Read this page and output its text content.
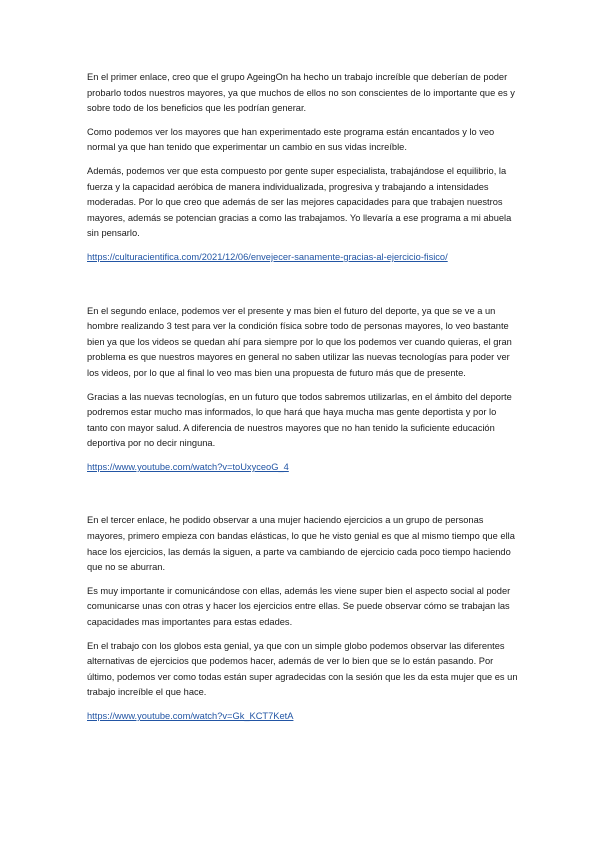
En el primer enlace, creo que el grupo AgeingOn ha hecho un trabajo increíble que deberían de poder probarlo todos nuestros mayores, ya que muchos de ellos no son conscientes de lo importante que es y sobre todo de los beneficios que les podrían generar.

Como podemos ver los mayores que han experimentado este programa están encantados y lo veo normal ya que han tenido que experimentar un cambio en sus vidas increíble.

Además, podemos ver que esta compuesto por gente super especialista, trabajándose el equilibrio, la fuerza y la capacidad aeróbica de manera individualizada, progresiva y trabajando a intensidades moderadas. Por lo que creo que además de ser las mejores capacidades para que trabajen nuestros mayores, además se potencian gracias a como las trabajamos. Yo llevaría a ese programa a mi abuela sin pensarlo.

https://culturacientifica.com/2021/12/06/envejecer-sanamente-gracias-al-ejercicio-fisico/

En el segundo enlace, podemos ver el presente y mas bien el futuro del deporte, ya que se ve a un hombre realizando 3 test para ver la condición física sobre todo de personas mayores, lo veo bastante bien ya que los videos se quedan ahí para siempre por lo que los podemos ver cuando quieras, el gran problema es que nuestros mayores en general no saben utilizar las nuevas tecnologías para poder ver los videos, por lo que al final lo veo mas bien una propuesta de futuro más que de presente.

Gracias a las nuevas tecnologías, en un futuro que todos sabremos utilizarlas, en el ámbito del deporte podremos estar mucho mas informados, lo que hará que haya mucha mas gente deportista y por lo tanto con mayor salud. A diferencia de nuestros mayores que no han tenido la suficiente educación deportiva por no decir ninguna.

https://www.youtube.com/watch?v=toUxyceoG_4

En el tercer enlace, he podido observar a una mujer haciendo ejercicios a un grupo de personas mayores, primero empieza con bandas elásticas, lo que he visto genial es que al mismo tiempo que ella hace los ejercicios, las demás la siguen, a parte va cambiando de ejercicio cada poco tiempo haciendo que no se aburran.

Es muy importante ir comunicándose con ellas, además les viene super bien el aspecto social al poder comunicarse unas con otras y hacer los ejercicios entre ellas. Se puede observar cómo se trabajan las capacidades mas importantes para estas edades.

En el trabajo con los globos esta genial, ya que con un simple globo podemos observar las diferentes alternativas de ejercicios que podemos hacer, además de ver lo bien que se lo están pasando. Por último, podemos ver como todas están super agradecidas con la sesión que les da esta mujer que es un trabajo increíble el que hace.

https://www.youtube.com/watch?v=Gk_KCT7KetA
